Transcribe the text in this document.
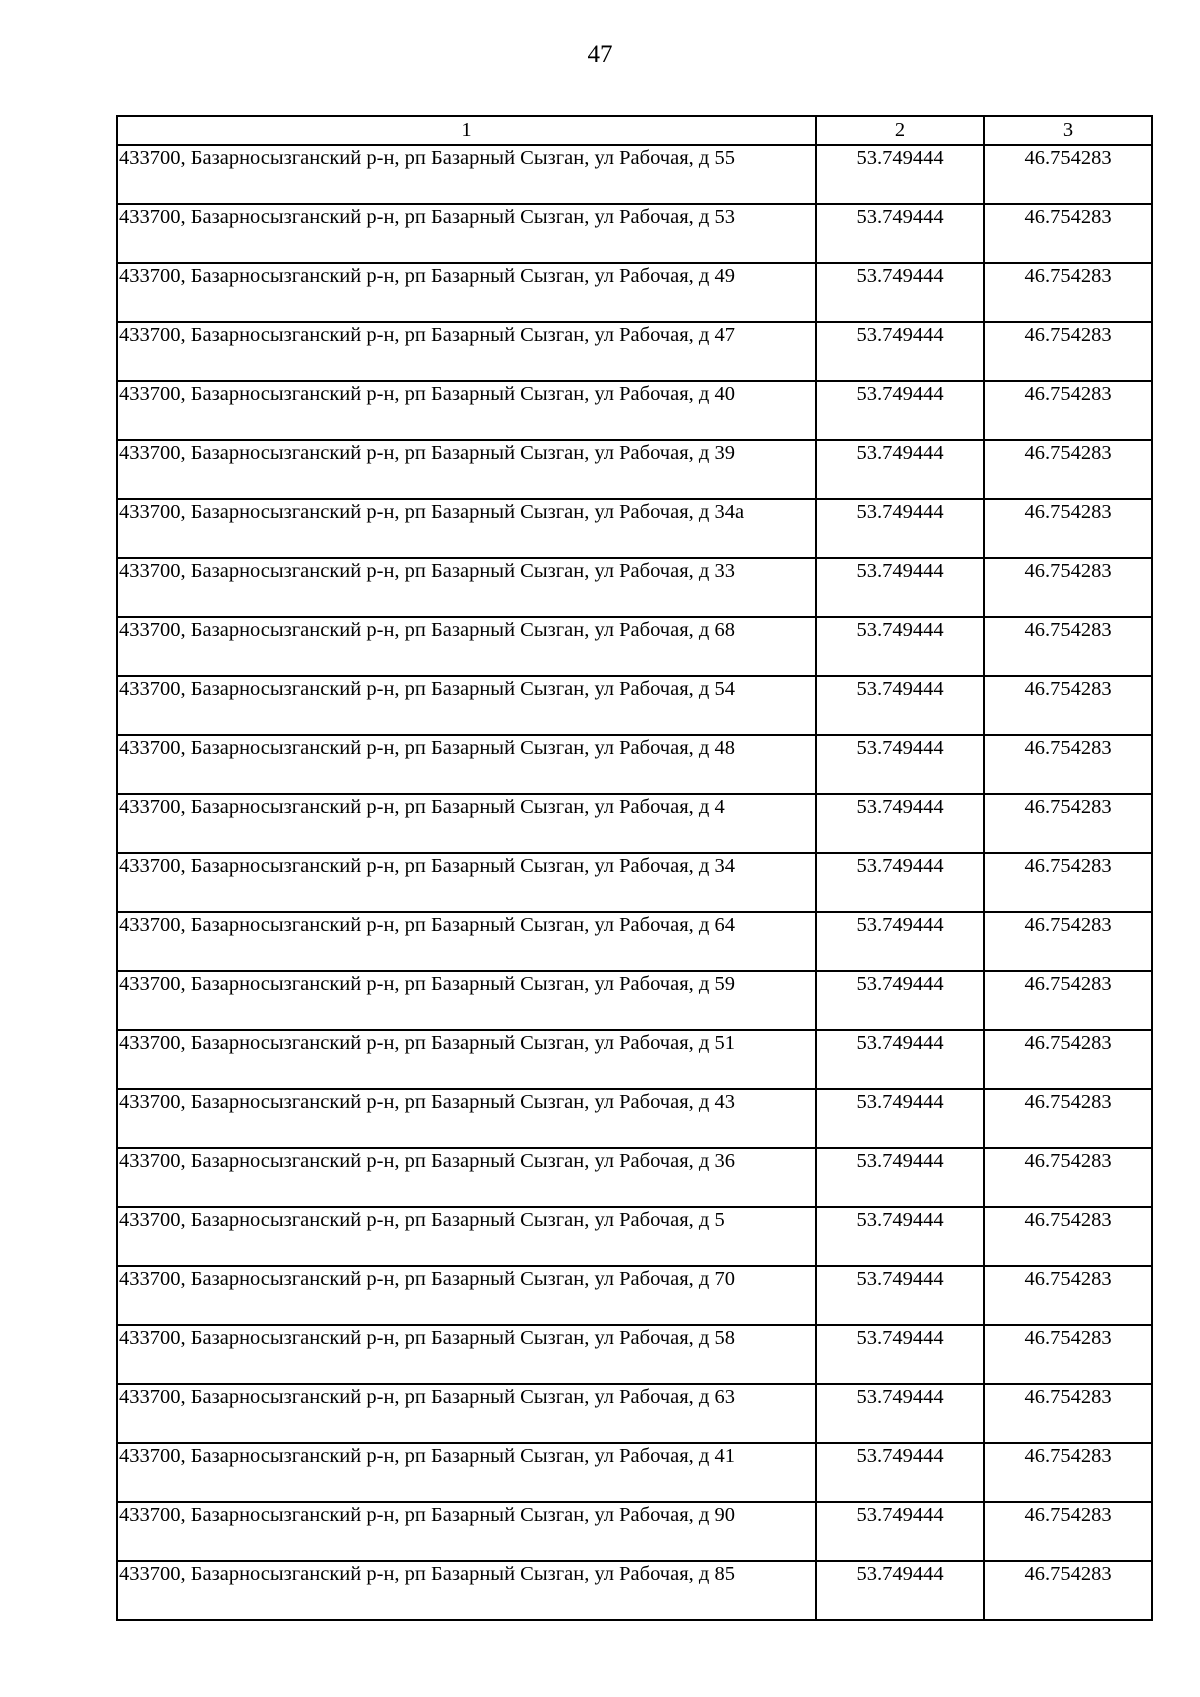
47
1	2	3
433700, Базарносызганский р-н, рп Базарный Сызган, ул Рабочая, д 55	53.749444	46.754283
433700, Базарносызганский р-н, рп Базарный Сызган, ул Рабочая, д 53	53.749444	46.754283
433700, Базарносызганский р-н, рп Базарный Сызган, ул Рабочая, д 49	53.749444	46.754283
433700, Базарносызганский р-н, рп Базарный Сызган, ул Рабочая, д 47	53.749444	46.754283
433700, Базарносызганский р-н, рп Базарный Сызган, ул Рабочая, д 40	53.749444	46.754283
433700, Базарносызганский р-н, рп Базарный Сызган, ул Рабочая, д 39	53.749444	46.754283
433700, Базарносызганский р-н, рп Базарный Сызган, ул Рабочая, д 34а	53.749444	46.754283
433700, Базарносызганский р-н, рп Базарный Сызган, ул Рабочая, д 33	53.749444	46.754283
433700, Базарносызганский р-н, рп Базарный Сызган, ул Рабочая, д 68	53.749444	46.754283
433700, Базарносызганский р-н, рп Базарный Сызган, ул Рабочая, д 54	53.749444	46.754283
433700, Базарносызганский р-н, рп Базарный Сызган, ул Рабочая, д 48	53.749444	46.754283
433700, Базарносызганский р-н, рп Базарный Сызган, ул Рабочая, д 4	53.749444	46.754283
433700, Базарносызганский р-н, рп Базарный Сызган, ул Рабочая, д 34	53.749444	46.754283
433700, Базарносызганский р-н, рп Базарный Сызган, ул Рабочая, д 64	53.749444	46.754283
433700, Базарносызганский р-н, рп Базарный Сызган, ул Рабочая, д 59	53.749444	46.754283
433700, Базарносызганский р-н, рп Базарный Сызган, ул Рабочая, д 51	53.749444	46.754283
433700, Базарносызганский р-н, рп Базарный Сызган, ул Рабочая, д 43	53.749444	46.754283
433700, Базарносызганский р-н, рп Базарный Сызган, ул Рабочая, д 36	53.749444	46.754283
433700, Базарносызганский р-н, рп Базарный Сызган, ул Рабочая, д 5	53.749444	46.754283
433700, Базарносызганский р-н, рп Базарный Сызган, ул Рабочая, д 70	53.749444	46.754283
433700, Базарносызганский р-н, рп Базарный Сызган, ул Рабочая, д 58	53.749444	46.754283
433700, Базарносызганский р-н, рп Базарный Сызган, ул Рабочая, д 63	53.749444	46.754283
433700, Базарносызганский р-н, рп Базарный Сызган, ул Рабочая, д 41	53.749444	46.754283
433700, Базарносызганский р-н, рп Базарный Сызган, ул Рабочая, д 90	53.749444	46.754283
433700, Базарносызганский р-н, рп Базарный Сызган, ул Рабочая, д 85	53.749444	46.754283
